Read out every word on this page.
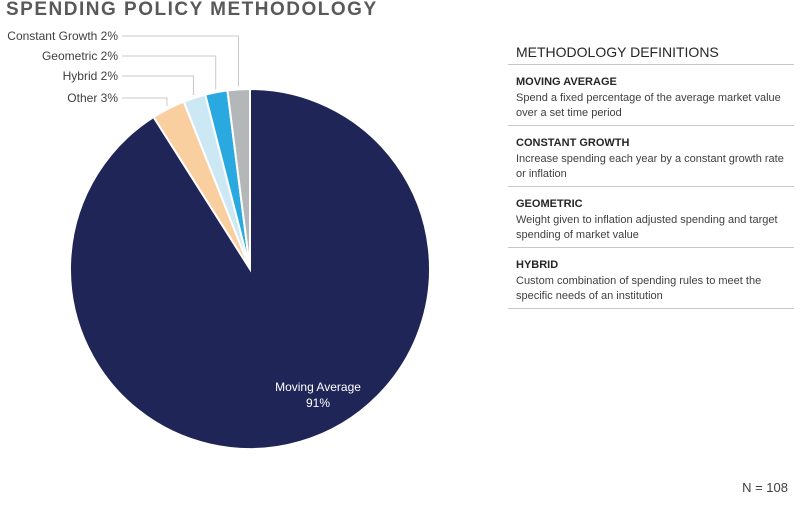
SPENDING POLICY METHODOLOGY
Moving Average 91%
Other 3%
Hybrid 2%
Geometric 2%
Constant Growth 2%
METHODOLOGY DEFINITIONS
MOVING AVERAGE
Spend a fixed percentage of the average market value over a set time period
CONSTANT GROWTH
Increase spending each year by a constant growth rate or inflation
GEOMETRIC
Weight given to inflation adjusted spending and target spending of market value
HYBRID
Custom combination of spending rules to meet the specific needs of an institution
N = 108
